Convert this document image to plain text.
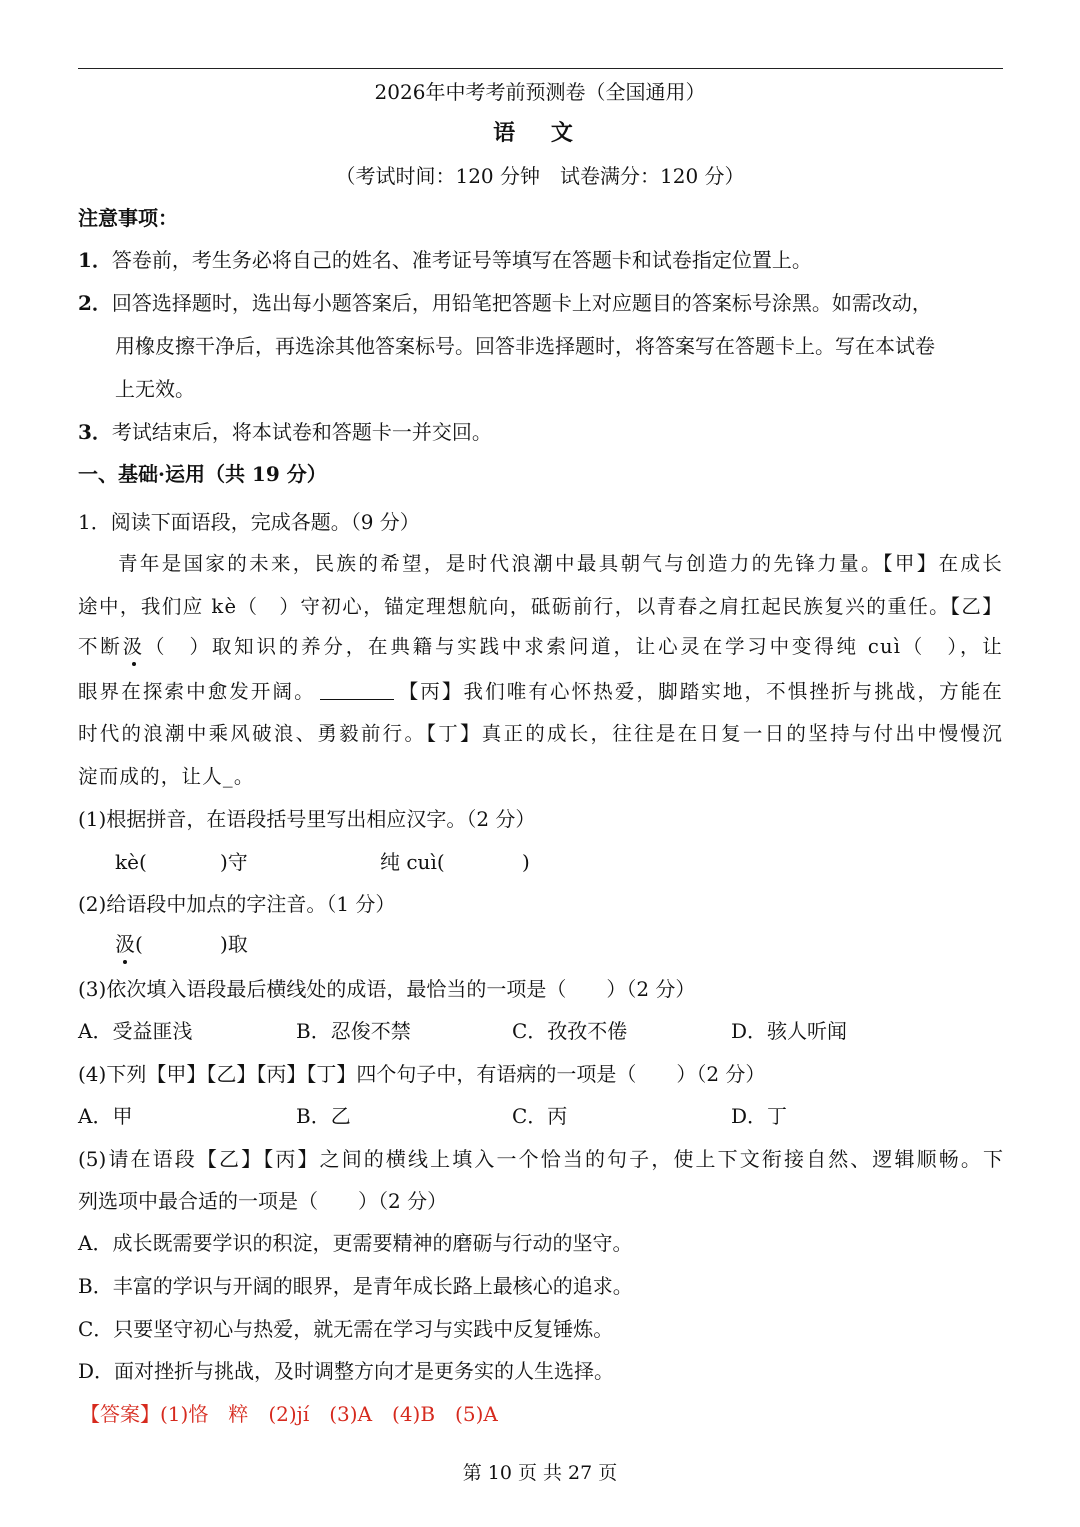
2026年中考考前预测卷（全国通用）
语 文
（考试时间：120 分钟　试卷满分：120 分）
注意事项：
1．答卷前，考生务必将自己的姓名、准考证号等填写在答题卡和试卷指定位置上。
2．回答选择题时，选出每小题答案后，用铅笔把答题卡上对应题目的答案标号涂黑。如需改动，
用橡皮擦干净后，再选涂其他答案标号。回答非选择题时，将答案写在答题卡上。写在本试卷
上无效。
3．考试结束后，将本试卷和答题卡一并交回。
一、基础·运用（共 19 分）
1．阅读下面语段，完成各题。（9 分）
青年是国家的未来，民族的希望，是时代浪潮中最具朝气与创造力的先锋力量。【甲】在成长
途中，我们应 kè（　）守初心，锚定理想航向，砥砺前行，以青春之肩扛起民族复兴的重任。【乙】
不断汲（　）取知识的养分，在典籍与实践中求索问道，让心灵在学习中变得纯 cuì（　），让
眼界在探索中愈发开阔。	【丙】我们唯有心怀热爱，脚踏实地，不惧挫折与挑战，方能在
时代的浪潮中乘风破浪、勇毅前行。【丁】真正的成长，往往是在日复一日的坚持与付出中慢慢沉
淀而成的，让人_。
(1)根据拼音，在语段括号里写出相应汉字。（2 分）
kè(	)守	纯 cuì(	)
(2)给语段中加点的字注音。（1 分）
汲(	)取
(3)依次填入语段最后横线处的成语，最恰当的一项是（　　）（2 分）
A．受益匪浅	B．忍俊不禁	C．孜孜不倦	D．骇人听闻
(4)下列【甲】【乙】【丙】【丁】四个句子中，有语病的一项是（　　）（2 分）
A．甲	B．乙	C．丙	D．丁
(5)请在语段【乙】【丙】之间的横线上填入一个恰当的句子，使上下文衔接自然、逻辑顺畅。下
列选项中最合适的一项是（　　）（2 分）
A．成长既需要学识的积淀，更需要精神的磨砺与行动的坚守。
B．丰富的学识与开阔的眼界，是青年成长路上最核心的追求。
C．只要坚守初心与热爱，就无需在学习与实践中反复锤炼。
D．面对挫折与挑战，及时调整方向才是更务实的人生选择。
【答案】(1)恪　粹　(2)jí　(3)A　(4)B　(5)A
第 10 页 共 27 页
